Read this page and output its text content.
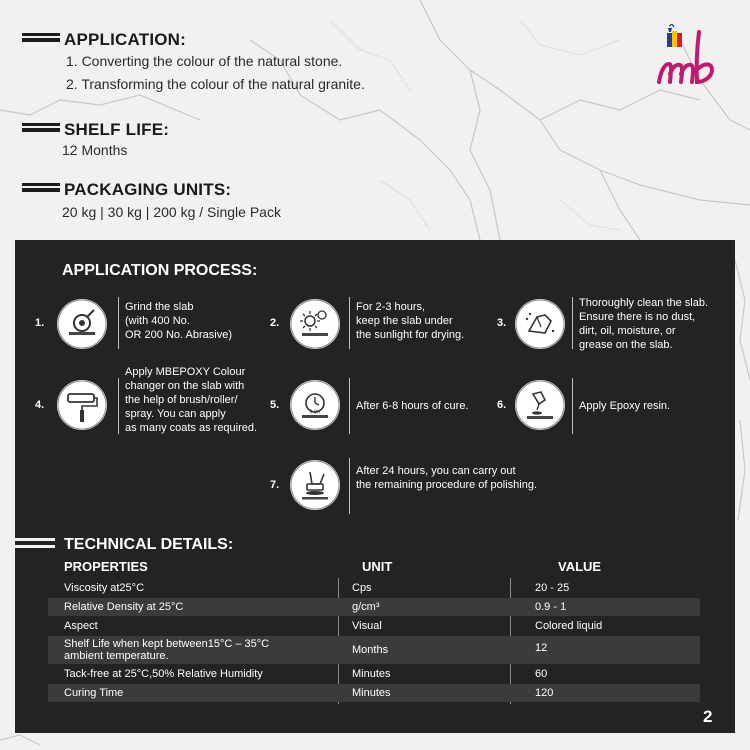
APPLICATION:
1. Converting the colour of the natural stone.
2. Transforming the colour of the natural granite.
SHELF LIFE:
12 Months
PACKAGING UNITS:
20 kg | 30 kg | 200 kg / Single Pack
mb
APPLICATION PROCESS:
1.
Grind the slab
(with 400 No.
OR 200 No. Abrasive)
2.
For 2-3 hours,
keep the slab under
the sunlight for drying.
3.
Thoroughly clean the slab.
Ensure there is no dust,
dirt, oil, moisture, or
grease on the slab.
4.
Apply MBEPOXY Colour
changer on the slab with
the help of brush/roller/
spray. You can apply
as many coats as required.
5.
6-8H
After 6-8 hours of cure.	6.	Apply Epoxy resin.
7.
After 24 hours, you can carry out
the remaining procedure of polishing.
TECHNICAL DETAILS:
PROPERTIES	UNIT	VALUE
Viscosity at25°C	Cps	20 - 25
Relative Density at 25°C	g/cm³	0.9 - 1
Aspect	Visual	Colored liquid
Shelf Life when kept between15°C – 35°C
ambient temperature.	Months	12
Tack-free at 25°C,50% Relative Humidity	Minutes	60
Curing Time	Minutes	120
2
